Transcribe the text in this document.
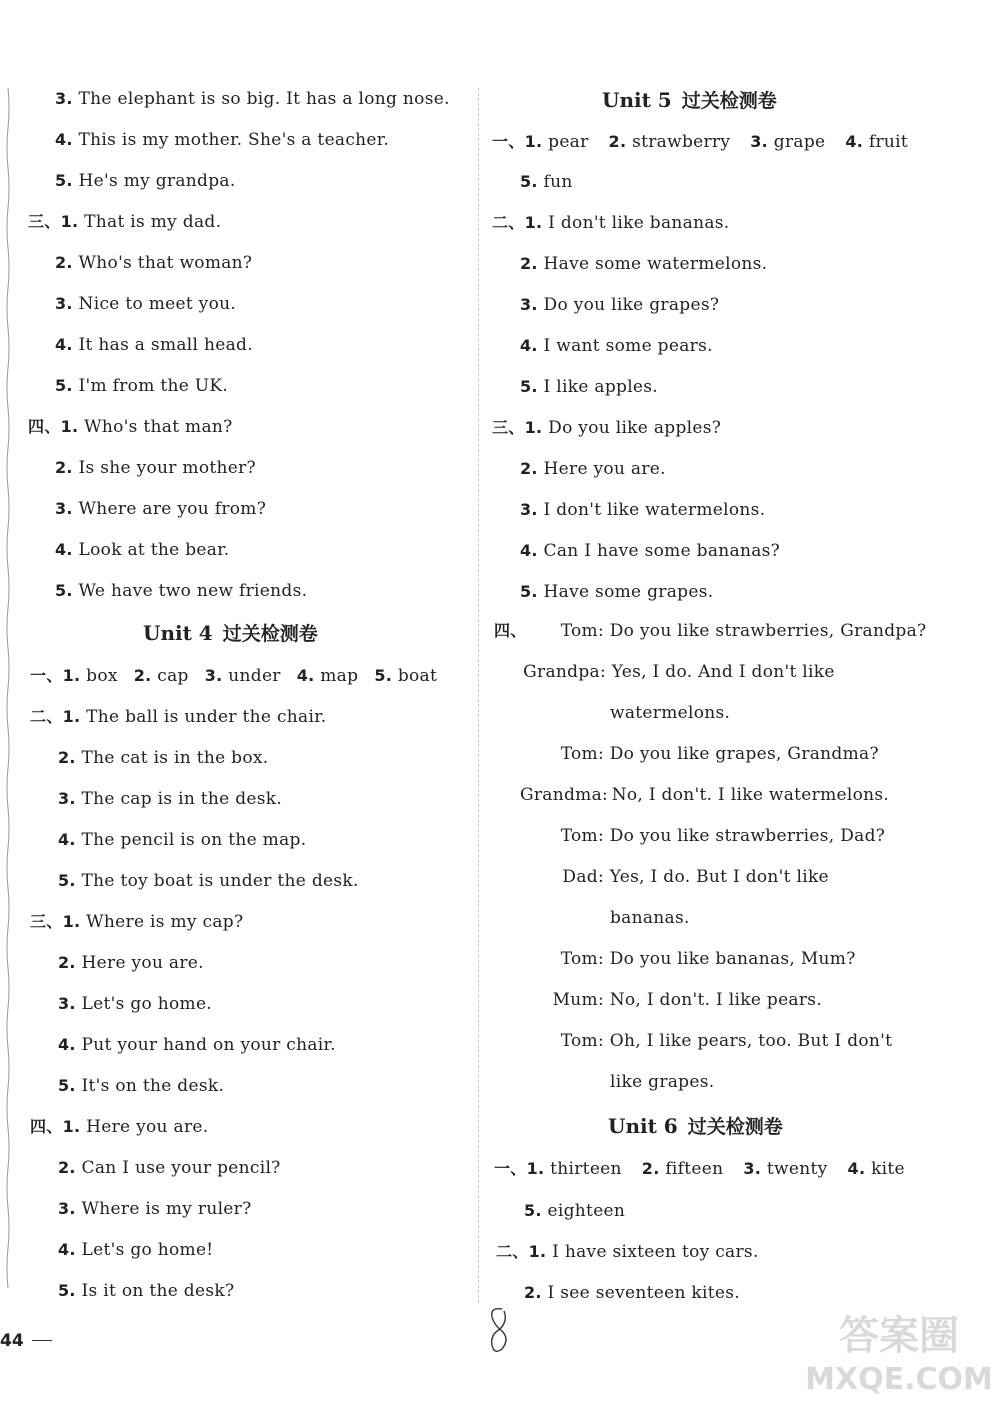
3. The elephant is so big. It has a long nose.
4. This is my mother. She's a teacher.
5. He's my grandpa.
三、1. That is my dad.
2. Who's that woman?
3. Nice to meet you.
4. It has a small head.
5. I'm from the UK.
四、1. Who's that man?
2. Is she your mother?
3. Where are you from?
4. Look at the bear.
5. We have two new friends.
Unit 4 过关检测卷
一、1. box 2. cap 3. under 4. map 5. boat
二、1. The ball is under the chair.
2. The cat is in the box.
3. The cap is in the desk.
4. The pencil is on the map.
5. The toy boat is under the desk.
三、1. Where is my cap?
2. Here you are.
3. Let's go home.
4. Put your hand on your chair.
5. It's on the desk.
四、1. Here you are.
2. Can I use your pencil?
3. Where is my ruler?
4. Let's go home!
5. Is it on the desk?
Unit 5 过关检测卷
一、1. pear 2. strawberry 3. grape 4. fruit
5. fun
二、1. I don't like bananas.
2. Have some watermelons.
3. Do you like grapes?
4. I want some pears.
5. I like apples.
三、1. Do you like apples?
2. Here you are.
3. I don't like watermelons.
4. Can I have some bananas?
5. Have some grapes.
四、	Tom: Do you like strawberries, Grandpa?
Grandpa: Yes, I do. And I don't like
watermelons.
Tom: Do you like grapes, Grandma?
Grandma: No, I don't. I like watermelons.
Tom: Do you like strawberries, Dad?
Dad: Yes, I do. But I don't like
bananas.
Tom: Do you like bananas, Mum?
Mum: No, I don't. I like pears.
Tom: Oh, I like pears, too. But I don't
like grapes.
Unit 6 过关检测卷
一、1. thirteen 2. fifteen 3. twenty 4. kite
5. eighteen
二、1. I have sixteen toy cars.
2. I see seventeen kites.
44	答案圈
MXQE.COM
